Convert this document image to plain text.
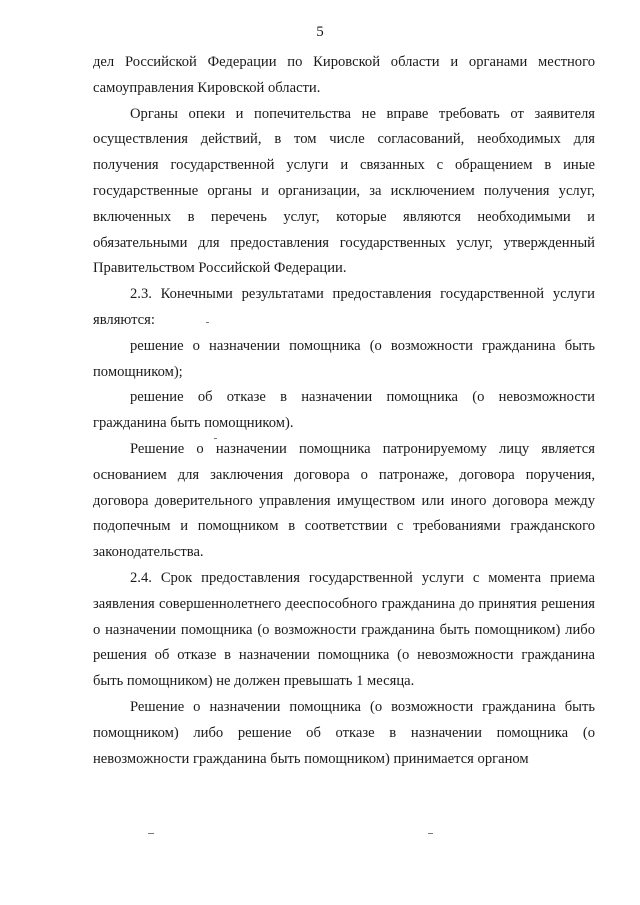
5

дел Российской Федерации по Кировской области и органами местного самоуправления Кировской области.

Органы опеки и попечительства не вправе требовать от заявителя осуществления действий, в том числе согласований, необходимых для получения государственной услуги и связанных с обращением в иные государственные органы и организации, за исключением получения услуг, включенных в перечень услуг, которые являются необходимыми и обязательными для предоставления государственных услуг, утвержденный Правительством Российской Федерации.

2.3. Конечными результатами предоставления государственной услуги являются:

решение о назначении помощника (о возможности гражданина быть помощником);

решение об отказе в назначении помощника (о невозможности гражданина быть помощником).

Решение о назначении помощника патронируемому лицу является основанием для заключения договора о патронаже, договора поручения, договора доверительного управления имуществом или иного договора между подопечным и помощником в соответствии с требованиями гражданского законодательства.

2.4. Срок предоставления государственной услуги с момента приема заявления совершеннолетнего дееспособного гражданина до принятия решения о назначении помощника (о возможности гражданина быть помощником) либо решения об отказе в назначении помощника (о невозможности гражданина быть помощником) не должен превышать 1 месяца.

Решение о назначении помощника (о возможности гражданина быть помощником) либо решение об отказе в назначении помощника (о невозможности гражданина быть помощником) принимается органом
